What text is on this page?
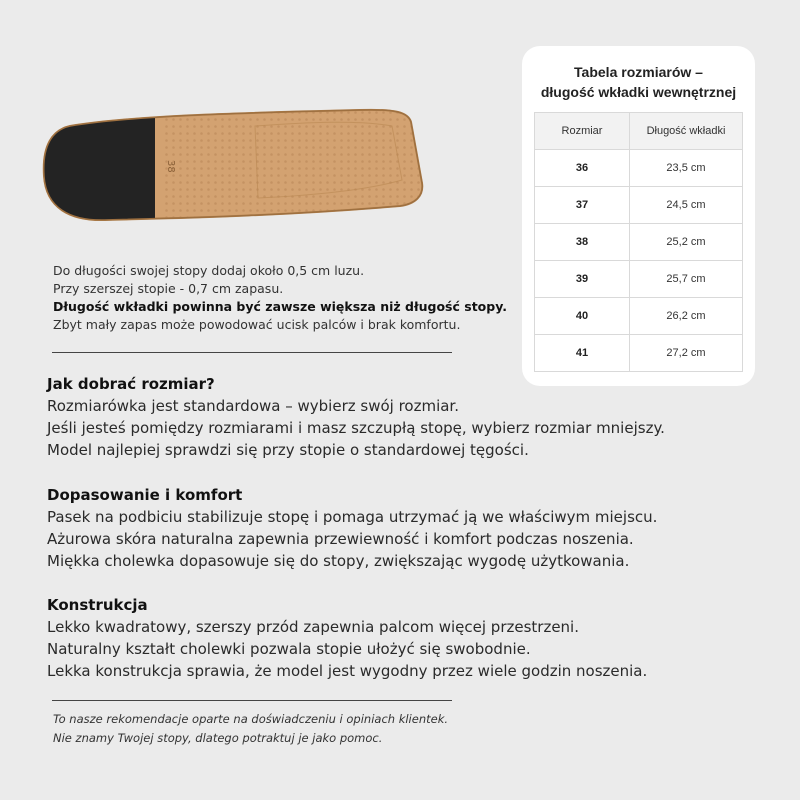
38
Do długości swojej stopy dodaj około 0,5 cm luzu.
Przy szerszej stopie - 0,7 cm zapasu.
Długość wkładki powinna być zawsze większa niż długość stopy.
Zbyt mały zapas może powodować ucisk palców i brak komfortu.
Tabela rozmiarów –
długość wkładki wewnętrznej
Rozmiar	Długość wkładki
36	23,5 cm
37	24,5 cm
38	25,2 cm
39	25,7 cm
40	26,2 cm
41	27,2 cm
Jak dobrać rozmiar?

Rozmiarówka jest standardowa – wybierz swój rozmiar.

Jeśli jesteś pomiędzy rozmiarami i masz szczupłą stopę, wybierz rozmiar mniejszy.

Model najlepiej sprawdzi się przy stopie o standardowej tęgości.

Dopasowanie i komfort

Pasek na podbiciu stabilizuje stopę i pomaga utrzymać ją we właściwym miejscu.

Ażurowa skóra naturalna zapewnia przewiewność i komfort podczas noszenia.

Miękka cholewka dopasowuje się do stopy, zwiększając wygodę użytkowania.

Konstrukcja

Lekko kwadratowy, szerszy przód zapewnia palcom więcej przestrzeni.

Naturalny kształt cholewki pozwala stopie ułożyć się swobodnie.

Lekka konstrukcja sprawia, że model jest wygodny przez wiele godzin noszenia.

To nasze rekomendacje oparte na doświadczeniu i opiniach klientek.
Nie znamy Twojej stopy, dlatego potraktuj je jako pomoc.
